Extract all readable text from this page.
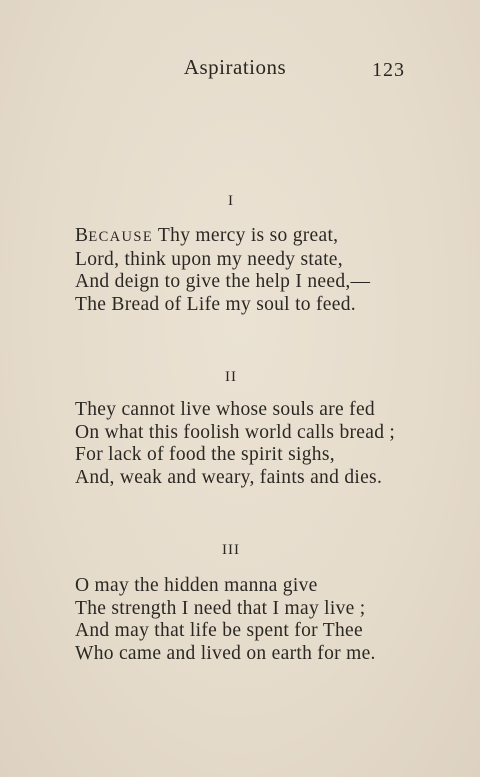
Aspirations	123
I
BECAUSE Thy mercy is so great,
Lord, think upon my needy state,
And deign to give the help I need,—
The Bread of Life my soul to feed.
II
They cannot live whose souls are fed
On what this foolish world calls bread ;
For lack of food the spirit sighs,
And, weak and weary, faints and dies.
III
O may the hidden manna give
The strength I need that I may live ;
And may that life be spent for Thee
Who came and lived on earth for me.
